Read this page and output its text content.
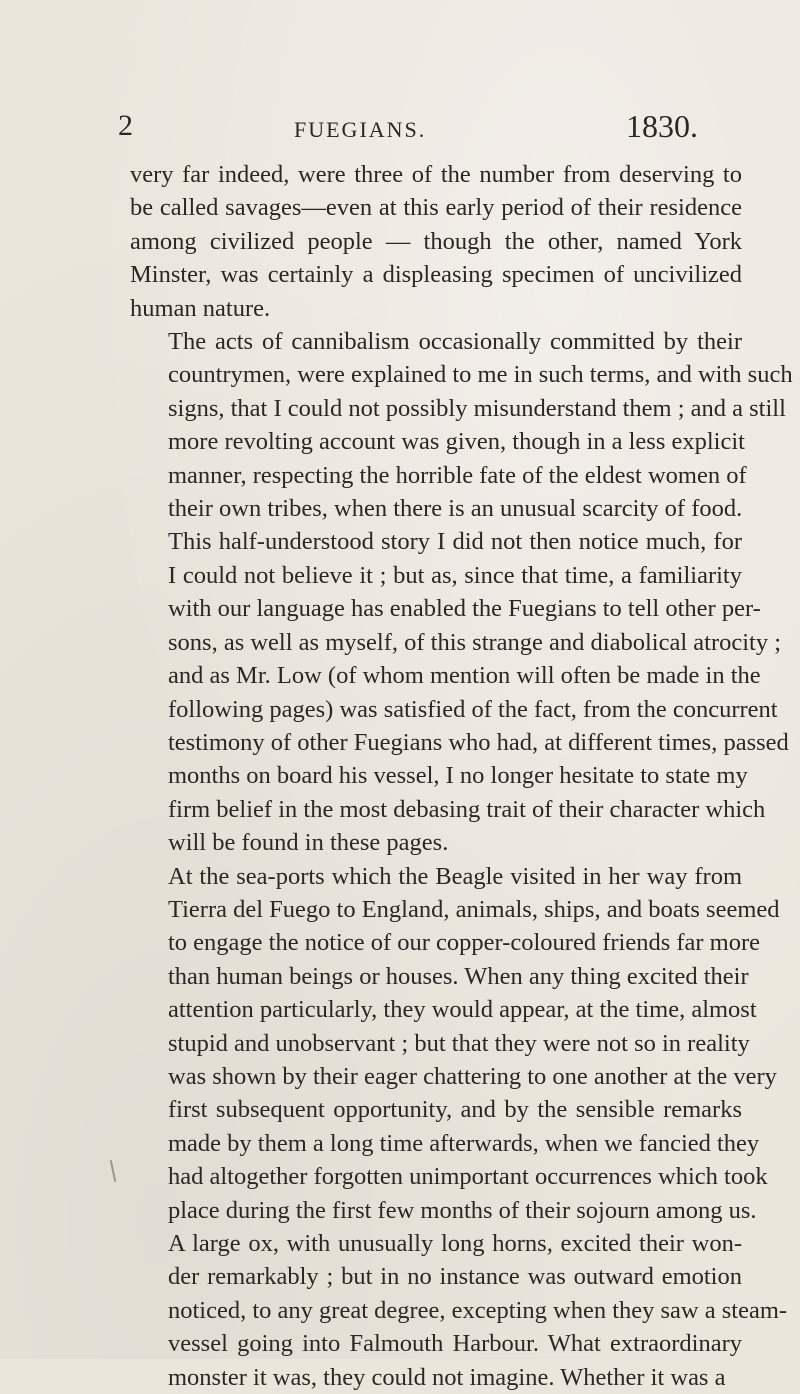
2	FUEGIANS.	1830.
very far indeed, were three of the number from deserving to
be called savages—even at this early period of their residence
among civilized people — though the other, named York
Minster, was certainly a displeasing specimen of uncivilized
human nature.
The acts of cannibalism occasionally committed by their
countrymen, were explained to me in such terms, and with such
signs, that I could not possibly misunderstand them ; and a still
more revolting account was given, though in a less explicit
manner, respecting the horrible fate of the eldest women of
their own tribes, when there is an unusual scarcity of food.
This half-understood story I did not then notice much, for
I could not believe it ; but as, since that time, a familiarity
with our language has enabled the Fuegians to tell other per-
sons, as well as myself, of this strange and diabolical atrocity ;
and as Mr. Low (of whom mention will often be made in the
following pages) was satisfied of the fact, from the concurrent
testimony of other Fuegians who had, at different times, passed
months on board his vessel, I no longer hesitate to state my
firm belief in the most debasing trait of their character which
will be found in these pages.
At the sea-ports which the Beagle visited in her way from
Tierra del Fuego to England, animals, ships, and boats seemed
to engage the notice of our copper-coloured friends far more
than human beings or houses. When any thing excited their
attention particularly, they would appear, at the time, almost
stupid and unobservant ; but that they were not so in reality
was shown by their eager chattering to one another at the very
first subsequent opportunity, and by the sensible remarks
made by them a long time afterwards, when we fancied they
had altogether forgotten unimportant occurrences which took
place during the first few months of their sojourn among us.
A large ox, with unusually long horns, excited their won-
der remarkably ; but in no instance was outward emotion
noticed, to any great degree, excepting when they saw a steam-
vessel going into Falmouth Harbour. What extraordinary
monster it was, they could not imagine. Whether it was a
